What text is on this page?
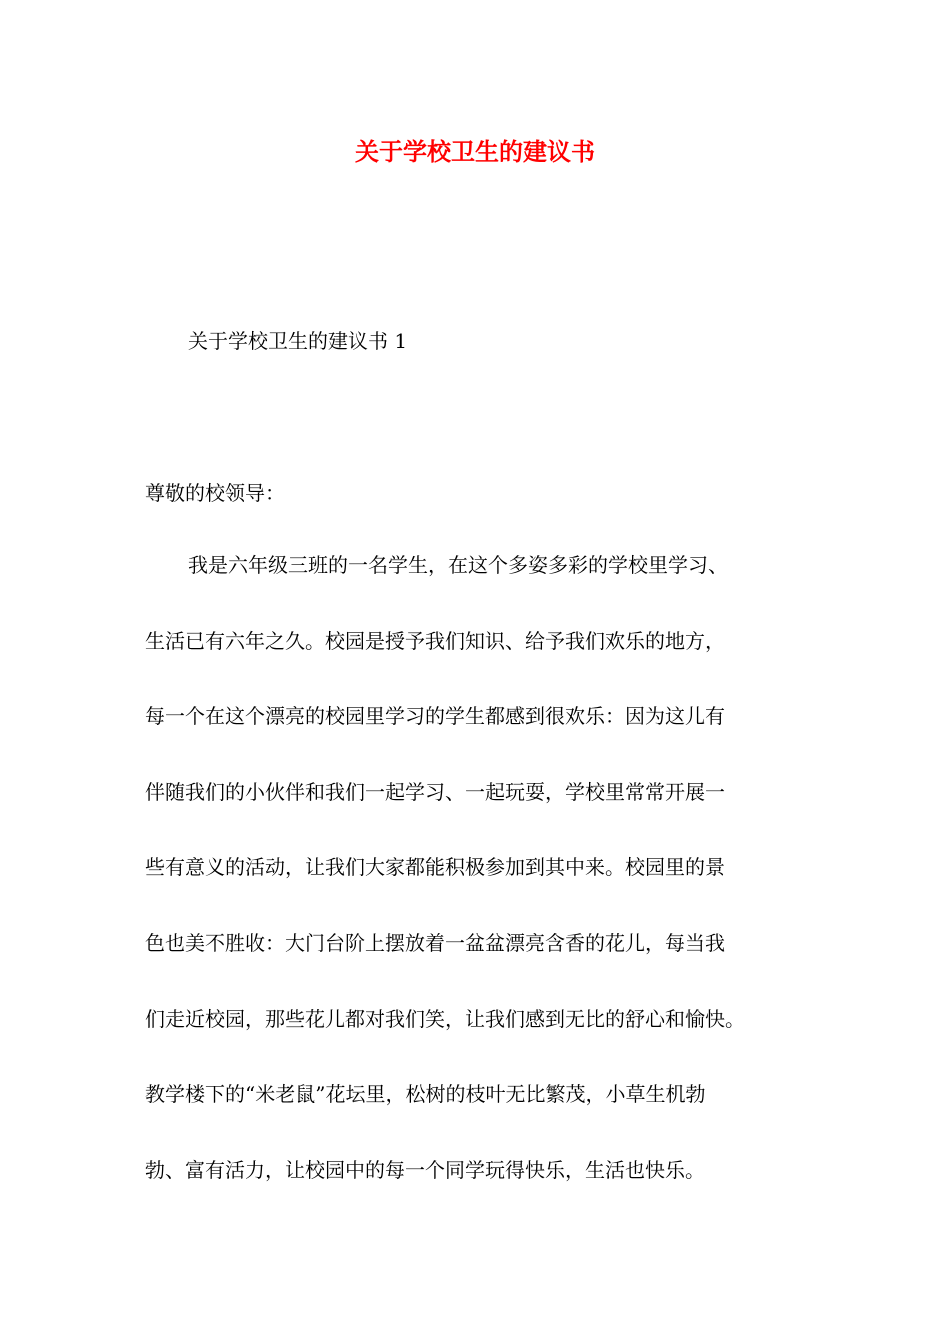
关于学校卫生的建议书

关于学校卫生的建议书 1

尊敬的校领导：

我是六年级三班的一名学生，在这个多姿多彩的学校里学习、
生活已有六年之久。校园是授予我们知识、给予我们欢乐的地方，
每一个在这个漂亮的校园里学习的学生都感到很欢乐：因为这儿有
伴随我们的小伙伴和我们一起学习、一起玩耍，学校里常常开展一
些有意义的活动，让我们大家都能积极参加到其中来。校园里的景
色也美不胜收：大门台阶上摆放着一盆盆漂亮含香的花儿，每当我
们走近校园，那些花儿都对我们笑，让我们感到无比的舒心和愉快。
教学楼下的“米老鼠”花坛里，松树的枝叶无比繁茂，小草生机勃
勃、富有活力，让校园中的每一个同学玩得快乐，生活也快乐。
